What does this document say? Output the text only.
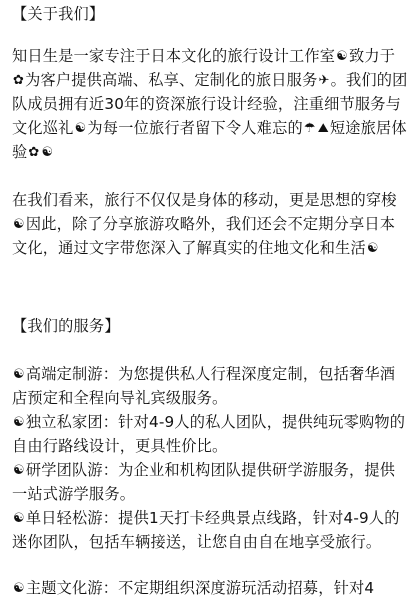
【关于我们】
知日生是一家专注于日本文化的旅行设计工作室☯致力于✿为客户提供高端、私享、定制化的旅日服务✈。我们的团队成员拥有近30年的资深旅行设计经验，注重细节服务与文化巡礼☯为每一位旅行者留下令人难忘的☂ ⛰短途旅居体验✿ ☯
在我们看来，旅行不仅仅是身体的移动，更是思想的穿梭☯因此，除了分享旅游攻略外，我们还会不定期分享日本文化，通过文字带您深入了解真实的住地文化和生活☯
【我们的服务】
☯高端定制游：为您提供私人行程深度定制，包括奢华酒店预定和全程向导礼宾级服务。
☯独立私家团：针对4-9人的私人团队，提供纯玩零购物的自由行路线设计，更具性价比。
☯研学团队游：为企业和机构团队提供研学游服务，提供一站式游学服务。
☯单日轻松游：提供1天打卡经典景点线路，针对4-9人的迷你团队，包括车辆接送，让您自由自在地享受旅行。
☯主题文化游：不定期组织深度游玩活动招募，针对4
